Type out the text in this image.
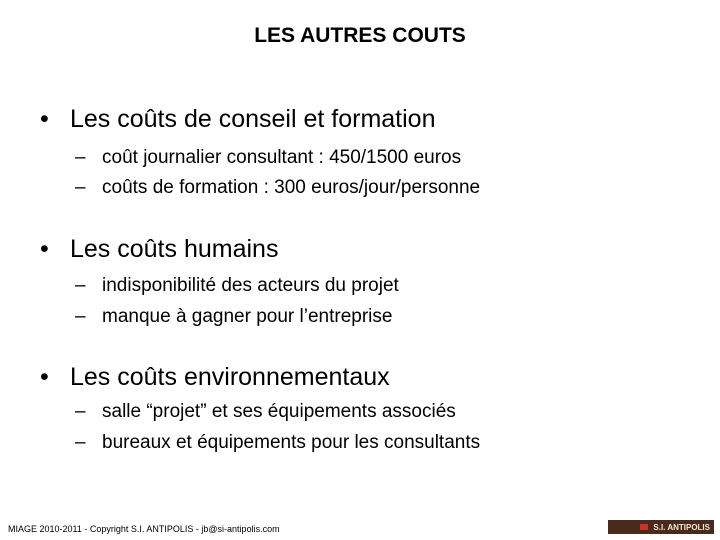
LES AUTRES COUTS
• Les coûts de conseil et formation
– coût journalier consultant : 450/1500 euros
– coûts de formation : 300 euros/jour/personne
• Les coûts humains
– indisponibilité des acteurs du projet
– manque à gagner pour l’entreprise
• Les coûts environnementaux
– salle “projet” et ses équipements associés
– bureaux et équipements pour les consultants
MIAGE 2010-2011 - Copyright S.I. ANTIPOLIS - jb@si-antipolis.com	S.I. ANTIPOLIS
